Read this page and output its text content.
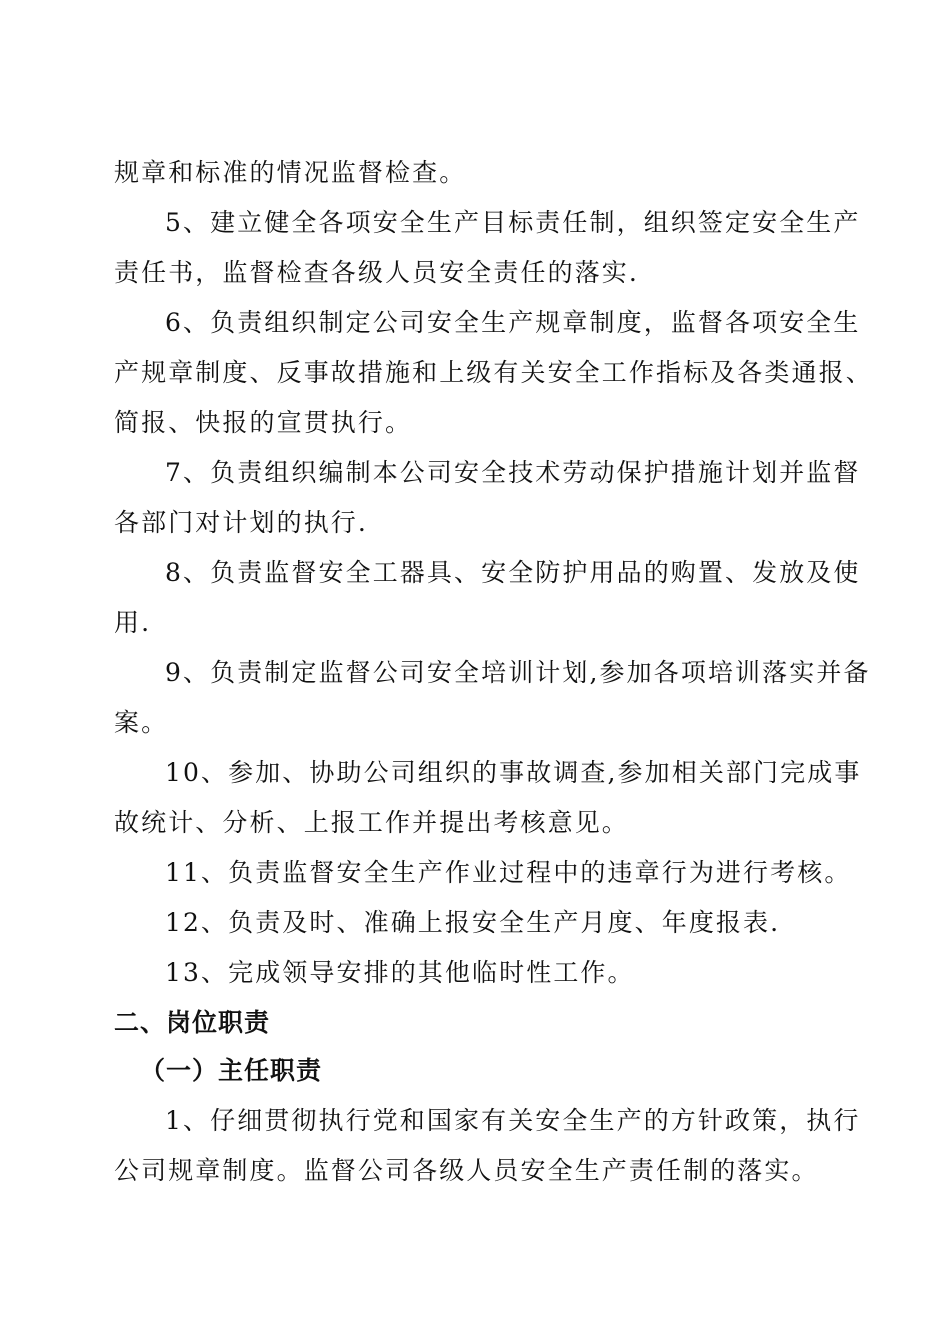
规章和标准的情况监督检查。
5、建立健全各项安全生产目标责任制，组织签定安全生产
责任书，监督检查各级人员安全责任的落实.
6、负责组织制定公司安全生产规章制度，监督各项安全生
产规章制度、反事故措施和上级有关安全工作指标及各类通报、
简报、快报的宣贯执行。
7、负责组织编制本公司安全技术劳动保护措施计划并监督
各部门对计划的执行.
8、负责监督安全工器具、安全防护用品的购置、发放及使
用.
9、负责制定监督公司安全培训计划,参加各项培训落实并备
案。
10、参加、协助公司组织的事故调查,参加相关部门完成事
故统计、分析、上报工作并提出考核意见。
11、负责监督安全生产作业过程中的违章行为进行考核。
12、负责及时、准确上报安全生产月度、年度报表.
13、完成领导安排的其他临时性工作。
二、岗位职责
（一）主任职责
1、仔细贯彻执行党和国家有关安全生产的方针政策，执行
公司规章制度。监督公司各级人员安全生产责任制的落实。
